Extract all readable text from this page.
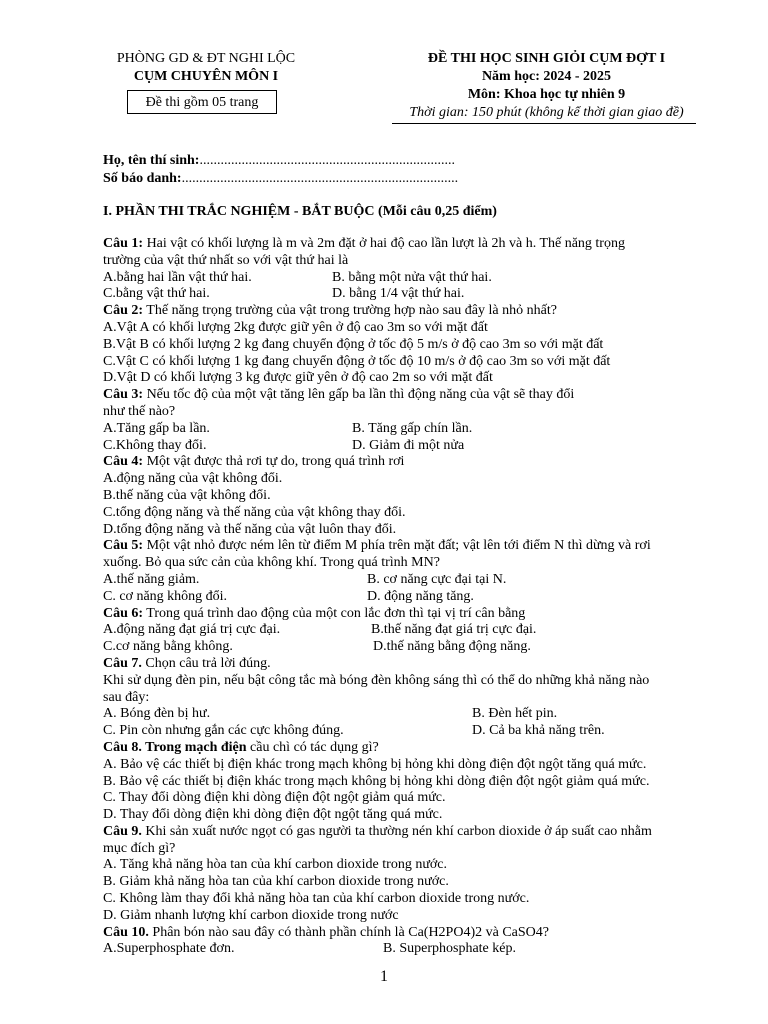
PHÒNG GD & ĐT NGHI LỘC
CỤM CHUYÊN MÔN I
Đề thi gồm 05 trang
ĐỀ THI HỌC SINH GIỎI CỤM ĐỢT I
Năm học: 2024 - 2025
Môn: Khoa học tự nhiên 9
Thời gian: 150 phút (không kể thời gian giao đề)
Họ, tên thí sinh:.........................................................................
Số báo danh:...............................................................................
I. PHẦN THI TRẮC NGHIỆM - BẮT BUỘC (Mỗi câu 0,25 điểm)

Câu 1: Hai vật có khối lượng là m và 2m đặt ở hai độ cao lần lượt là 2h và h. Thế năng trọng

trường của vật thứ nhất so với vật thứ hai là

A.bằng hai lần vật thứ hai.	B. bằng một nửa vật thứ hai.
C.bằng vật thứ hai.	D. bằng 1/4 vật thứ hai.

Câu 2: Thế năng trọng trường của vật trong trường hợp nào sau đây là nhỏ nhất?

A.Vật A có khối lượng 2kg được giữ yên ở độ cao 3m so với mặt đất

B.Vật B có khối lượng 2 kg đang chuyển động ở tốc độ 5 m/s ở độ cao 3m so với mặt đất

C.Vật C có khối lượng 1 kg đang chuyển động ở tốc độ 10 m/s ở độ cao 3m so với mặt đất

D.Vật D có khối lượng 3 kg được giữ yên ở độ cao 2m so với mặt đất

Câu 3: Nếu tốc độ của một vật tăng lên gấp ba lần thì động năng của vật sẽ thay đổi

như thế nào?

A.Tăng gấp ba lần.	B. Tăng gấp chín lần.
C.Không thay đổi.	D. Giảm đi một nửa

Câu 4: Một vật được thả rơi tự do, trong quá trình rơi

A.động năng của vật không đổi.

B.thế năng của vật không đổi.

C.tổng động năng và thế năng của vật không thay đổi.

D.tổng động năng và thế năng của vật luôn thay đổi.

Câu 5: Một vật nhỏ được ném lên từ điểm M phía trên mặt đất; vật lên tới điểm N thì dừng và rơi

xuống. Bỏ qua sức cản của không khí. Trong quá trình MN?

A.thế năng giảm.	B. cơ năng cực đại tại N.
C. cơ năng không đổi.	D. động năng tăng.

Câu 6: Trong quá trình dao động của một con lắc đơn thì tại vị trí cân bằng

A.động năng đạt giá trị cực đại.	B.thế năng đạt giá trị cực đại.
C.cơ năng bằng không.	D.thế năng bằng động năng.

Câu 7. Chọn câu trả lời đúng.

Khi sử dụng đèn pin, nếu bật công tắc mà bóng đèn không sáng thì có thể do những khả năng nào

sau đây:

A. Bóng đèn bị hư.	B. Đèn hết pin.
C. Pin còn nhưng gắn các cực không đúng.	D. Cả ba khả năng trên.

Câu 8. Trong mạch điện cầu chì có tác dụng gì?

A. Bảo vệ các thiết bị điện khác trong mạch không bị hỏng khi dòng điện đột ngột tăng quá mức.

B. Bảo vệ các thiết bị điện khác trong mạch không bị hỏng khi dòng điện đột ngột giảm quá mức.

C. Thay đổi dòng điện khi dòng điện đột ngột giảm quá mức.

D. Thay đổi dòng điện khi dòng điện đột ngột tăng quá mức.

Câu 9. Khi sản xuất nước ngọt có gas người ta thường nén khí carbon dioxide ở áp suất cao nhằm

mục đích gì?

A. Tăng khả năng hòa tan của khí carbon dioxide trong nước.

B. Giảm khả năng hòa tan của khí carbon dioxide trong nước.

C. Không làm thay đổi khả năng hòa tan của khí carbon dioxide trong nước.

D. Giảm nhanh lượng khí carbon dioxide trong nước

Câu 10. Phân bón nào sau đây có thành phần chính là Ca(H2PO4)2 và CaSO4?

A.Superphosphate đơn.	B. Superphosphate kép.
1
